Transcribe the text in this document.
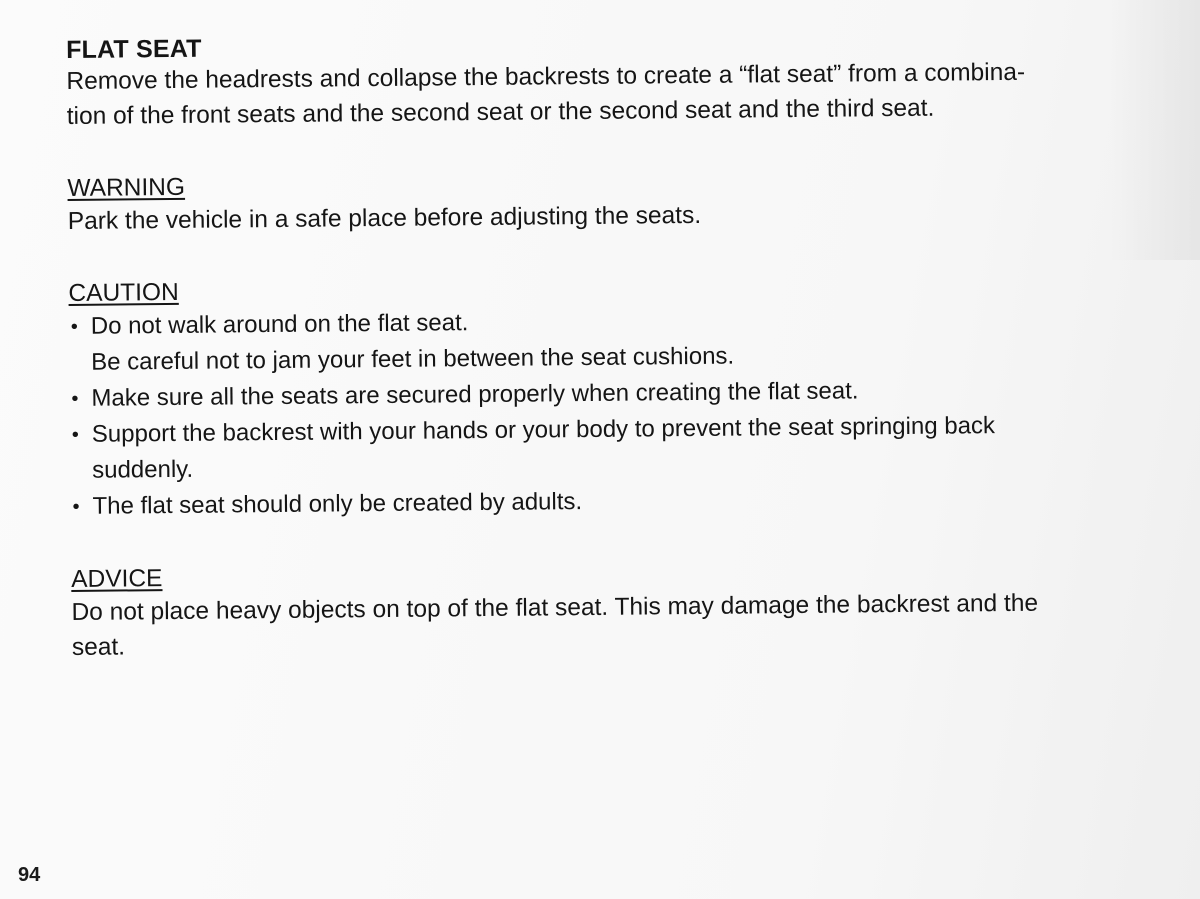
FLAT SEAT

Remove the headrests and collapse the backrests to create a “flat seat” from a combina-

tion of the front seats and the second seat or the second seat and the third seat.

WARNING

Park the vehicle in a safe place before adjusting the seats.

CAUTION

• Do not walk around on the flat seat.
Be careful not to jam your feet in between the seat cushions.
• Make sure all the seats are secured properly when creating the flat seat.
• Support the backrest with your hands or your body to prevent the seat springing back
suddenly.
• The flat seat should only be created by adults.

ADVICE

Do not place heavy objects on top of the flat seat. This may damage the backrest and the

seat.

94
